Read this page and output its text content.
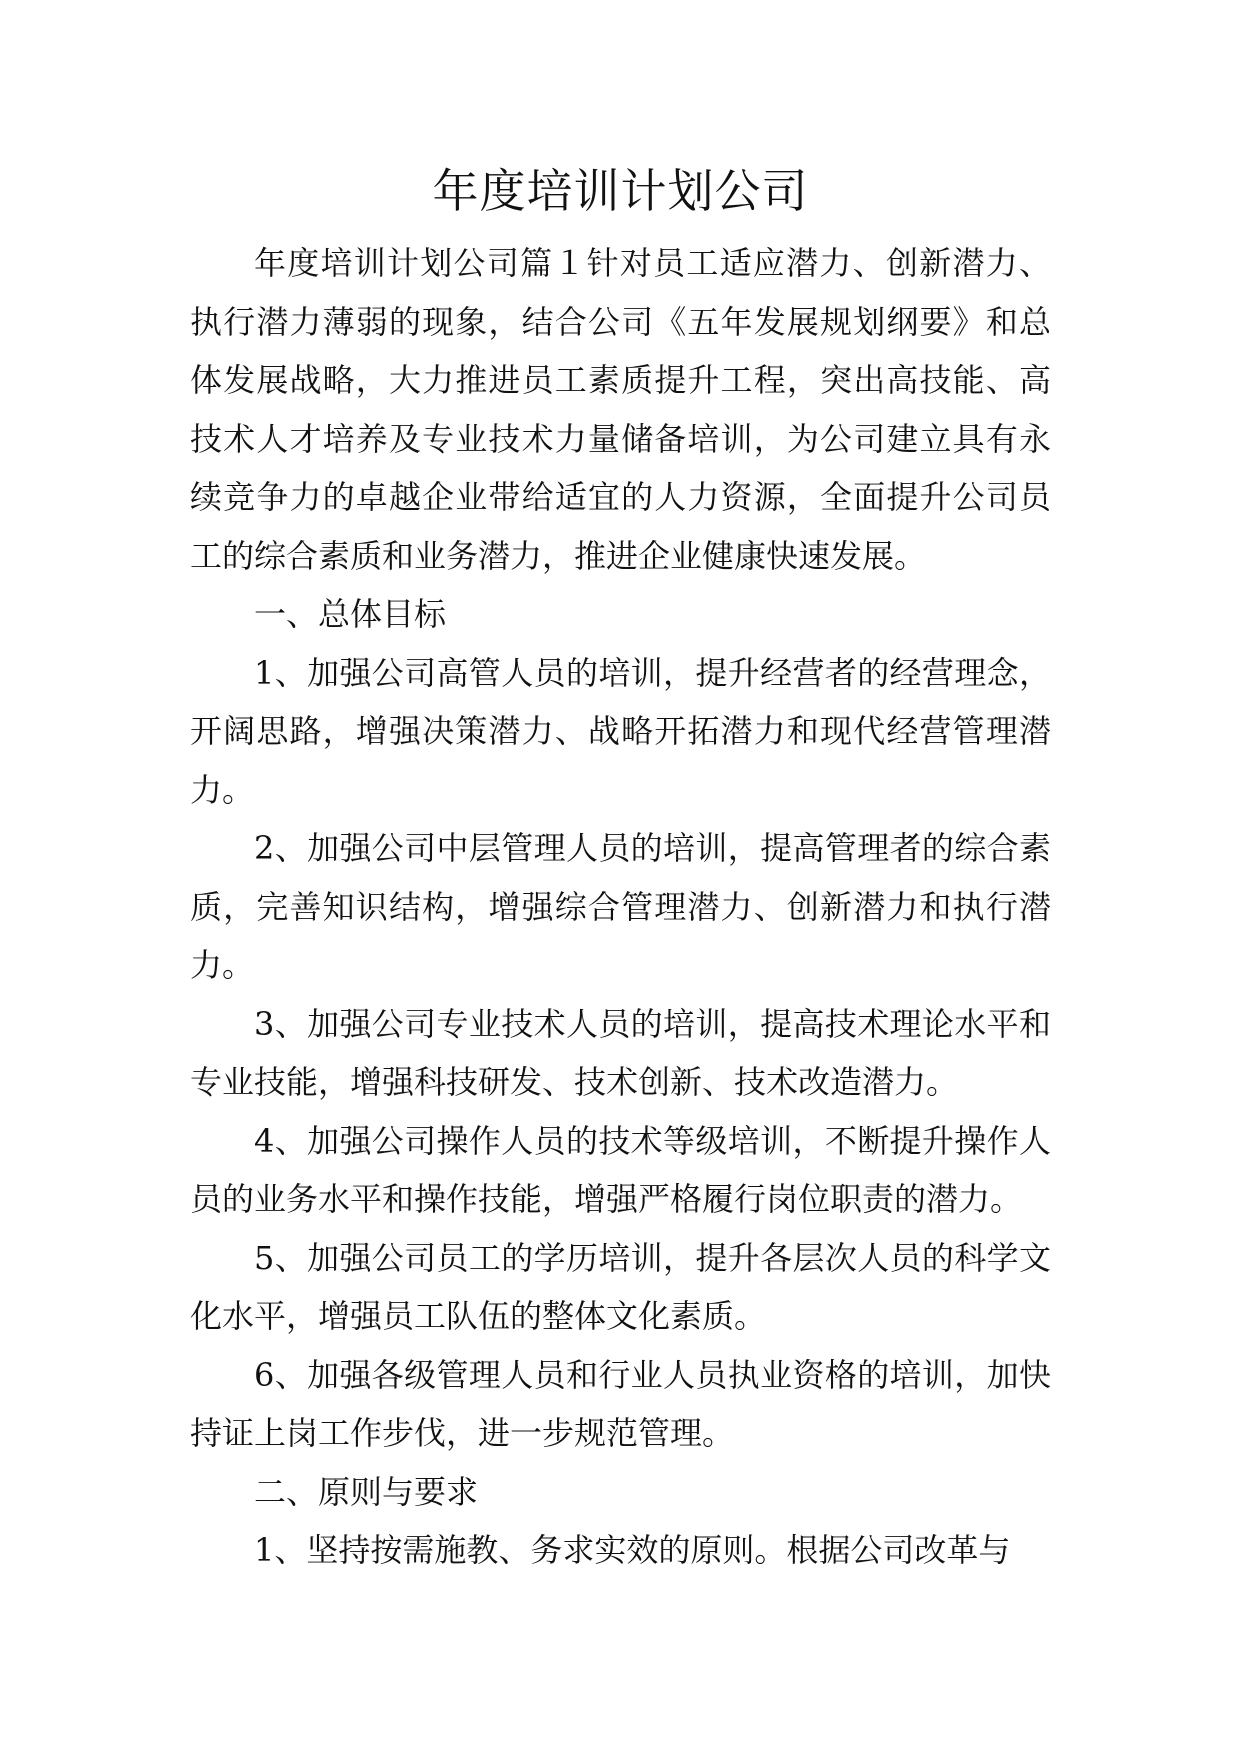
年度培训计划公司

年度培训计划公司篇１针对员工适应潜力、创新潜力、执行潜力薄弱的现象，结合公司《五年发展规划纲要》和总体发展战略，大力推进员工素质提升工程，突出高技能、高技术人才培养及专业技术力量储备培训，为公司建立具有永续竞争力的卓越企业带给适宜的人力资源，全面提升公司员工的综合素质和业务潜力，推进企业健康快速发展。

一、总体目标

1、加强公司高管人员的培训，提升经营者的经营理念，开阔思路，增强决策潜力、战略开拓潜力和现代经营管理潜力。

2、加强公司中层管理人员的培训，提高管理者的综合素质，完善知识结构，增强综合管理潜力、创新潜力和执行潜力。

3、加强公司专业技术人员的培训，提高技术理论水平和专业技能，增强科技研发、技术创新、技术改造潜力。

4、加强公司操作人员的技术等级培训，不断提升操作人员的业务水平和操作技能，增强严格履行岗位职责的潜力。

5、加强公司员工的学历培训，提升各层次人员的科学文化水平，增强员工队伍的整体文化素质。

6、加强各级管理人员和行业人员执业资格的培训，加快持证上岗工作步伐，进一步规范管理。

二、原则与要求

1、坚持按需施教、务求实效的原则。根据公司改革与
